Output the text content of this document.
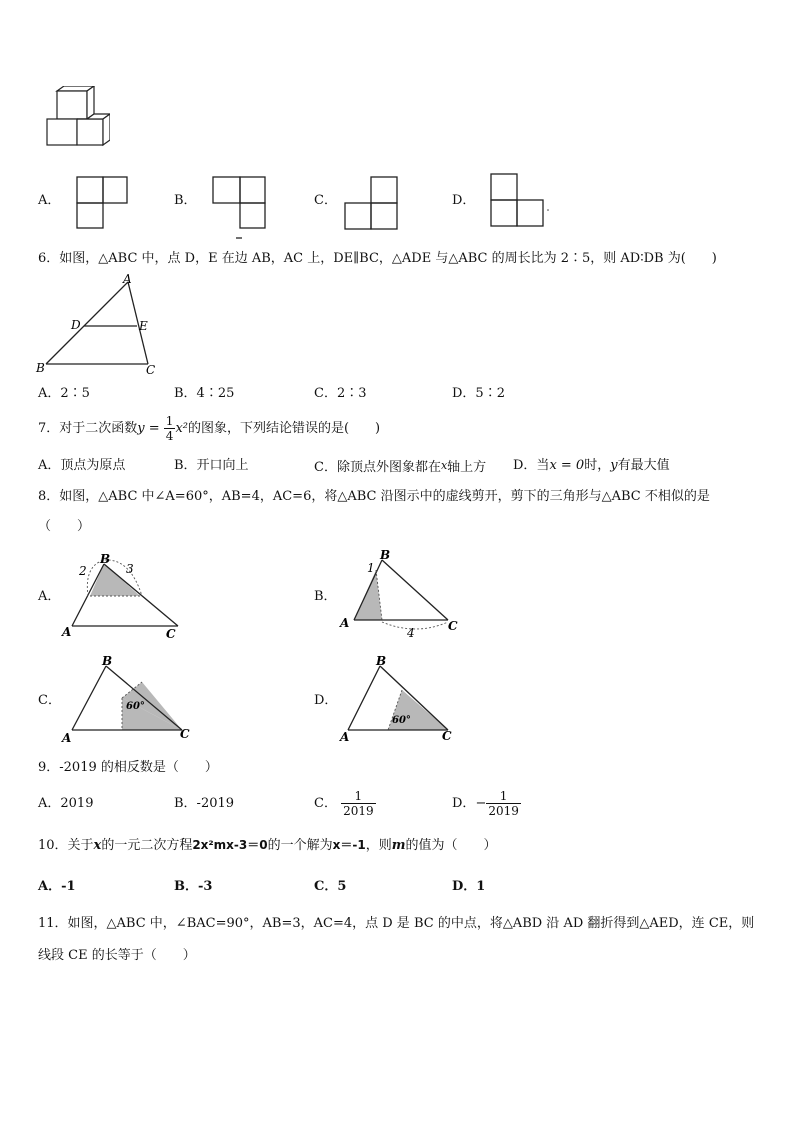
A．	B．	C．	D．
6．如图，△ABC 中，点 D，E 在边 AB，AC 上，DE∥BC，△ADE 与△ABC 的周长比为 2∶5，则 AD∶DB 为(　　)
A
D	E
B	C
A．2∶5	B．4∶25	C．2∶3	D．5∶2
7．对于二次函数$y = \frac{1}{4} x^2$的图象，下列结论错误的是(　　)
A．顶点为原点	B．开口向上	C．除顶点外图象都在x轴上方 D．当x = 0时，y有最大值
8．如图，△ABC 中∠A=60°，AB=4，AC=6，将△ABC 沿图示中的虚线剪开，剪下的三角形与△ABC 不相似的是
（　　）
A．
B
2	3
A	C
B．
B
1
A
4	C
C．
B
60°
A	C
D．
B
60°
A	C
9．-2019 的相反数是（　　）
A．2019	B．-2019	C． $\frac{1}{2019}$	D．− $\frac{1}{2019}$
10．关于x的一元二次方程2x²mx-3＝0的一个解为x＝-1，则m的值为（　　）
A．-1	B．-3	C．5	D．1
11．如图，△ABC 中，∠BAC=90°，AB=3，AC=4，点 D 是 BC 的中点，将△ABD 沿 AD 翻折得到△AED，连 CE，则
线段 CE 的长等于（　　）
